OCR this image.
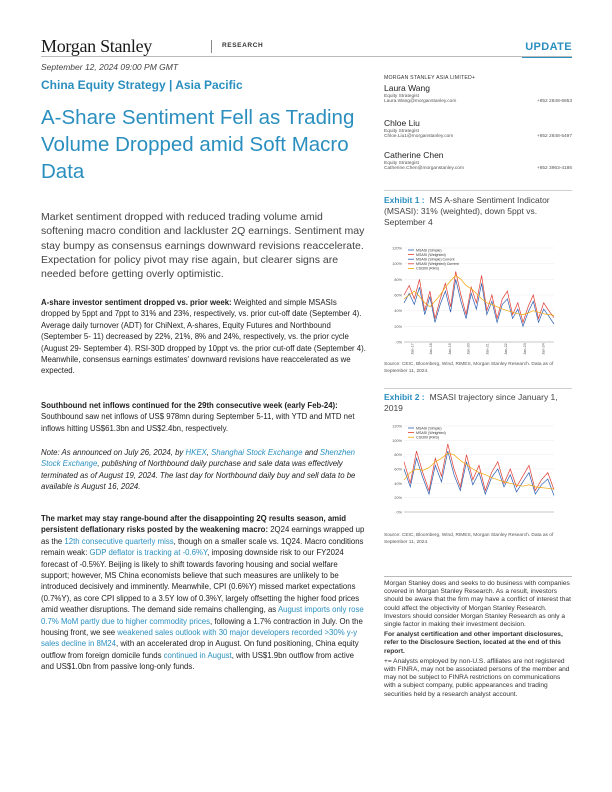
Morgan Stanley	RESEARCH	UPDATE
September 12, 2024 09:00 PM GMT
China Equity Strategy | Asia Pacific
A-Share Sentiment Fell as Trading Volume Dropped amid Soft Macro Data

Market sentiment dropped with reduced trading volume amid softening macro condition and lackluster 2Q earnings. Sentiment may stay bumpy as consensus earnings downward revisions reaccelerate. Expectation for policy pivot may rise again, but clearer signs are needed before getting overly optimistic.

A-share investor sentiment dropped vs. prior week: Weighted and simple MSASIs dropped by 5ppt and 7ppt to 31% and 23%, respectively, vs. prior cut-off date (September 4). Average daily turnover (ADT) for ChiNext, A-shares, Equity Futures and Northbound (September 5- 11) decreased by 22%, 21%, 8% and 24%, respectively, vs. the prior cycle (August 29- September 4). RSI-30D dropped by 10ppt vs. the prior cut-off date (September 4). Meanwhile, consensus earnings estimates' downward revisions have reaccelerated as we expected.

Southbound net inflows continued for the 29th consecutive week (early Feb-24): Southbound saw net inflows of US$ 978mn during September 5-11, with YTD and MTD net inflows hitting US$61.3bn and US$2.4bn, respectively.

Note: As announced on July 26, 2024, by HKEX, Shanghai Stock Exchange and Shenzhen Stock Exchange, publishing of Northbound daily purchase and sale data was effectively terminated as of August 19, 2024. The last day for Northbound daily buy and sell data to be available is August 16, 2024.

The market may stay range-bound after the disappointing 2Q results season, amid persistent deflationary risks posted by the weakening macro: 2Q24 earnings wrapped up as the 12th consecutive quarterly miss, though on a smaller scale vs. 1Q24. Macro conditions remain weak: GDP deflator is tracking at -0.6%Y, imposing downside risk to our FY2024 forecast of -0.5%Y. Beijing is likely to shift towards favoring housing and social welfare support; however, MS China economists believe that such measures are unlikely to be introduced decisively and imminently. Meanwhile, CPI (0.6%Y) missed market expectations (0.7%Y), as core CPI slipped to a 3.5Y low of 0.3%Y, largely offsetting the higher food prices amid weather disruptions. The demand side remains challenging, as August imports only rose 0.7% MoM partly due to higher commodity prices, following a 1.7% contraction in July. On the housing front, we see weakened sales outlook with 30 major developers recorded >30% y-y sales decline in 8M24, with an accelerated drop in August. On fund positioning, China equity outflow from foreign domicile funds continued in August, with US$1.9bn outflow from active and US$1.0bn from passive long-only funds.

MORGAN STANLEY ASIA LIMITED+
Laura Wang
Equity Strategist
Laura.Wang@morganstanley.com	+852 2848-6853
Chloe Liu
Equity Strategist
Chloe.Liu1@morganstanley.com	+852 2848-5497
Catherine Chen
Equity Strategist
Catherine.Chen@morganstanley.com	+852 3963-4186
Exhibit 1 : MS A-share Sentiment Indicator (MSASI): 31% (weighted), down 5ppt vs. September 4
120%
100%
80%
60%
40%
20%
0%
Jan-17	Jan-18	Jan-19	Jan-20	Jan-21	Jan-22	Jan-23	Jan-24
MSASI (Simple)
MSASI (Weighted)
MSASI (Simple) Current
MSASI (Weighted) Current
CSI300 (RHS)
Source: CEIC, Bloomberg, Wind, RIMES, Morgan Stanley Research. Data as of September 11, 2024.
Exhibit 2 : MSASI trajectory since January 1, 2019
120%
100%
80%
60%
40%
20%
0%
MSASI (Simple)
MSASI (Weighted)
CSI300 (RHS)
Source: CEIC, Bloomberg, Wind, RIMES, Morgan Stanley Research. Data as of September 11, 2024.

Morgan Stanley does and seeks to do business with companies covered in Morgan Stanley Research. As a result, investors should be aware that the firm may have a conflict of interest that could affect the objectivity of Morgan Stanley Research. Investors should consider Morgan Stanley Research as only a single factor in making their investment decision.

For analyst certification and other important disclosures, refer to the Disclosure Section, located at the end of this report.

+= Analysts employed by non-U.S. affiliates are not registered with FINRA, may not be associated persons of the member and may not be subject to FINRA restrictions on communications with a subject company, public appearances and trading securities held by a research analyst account.
